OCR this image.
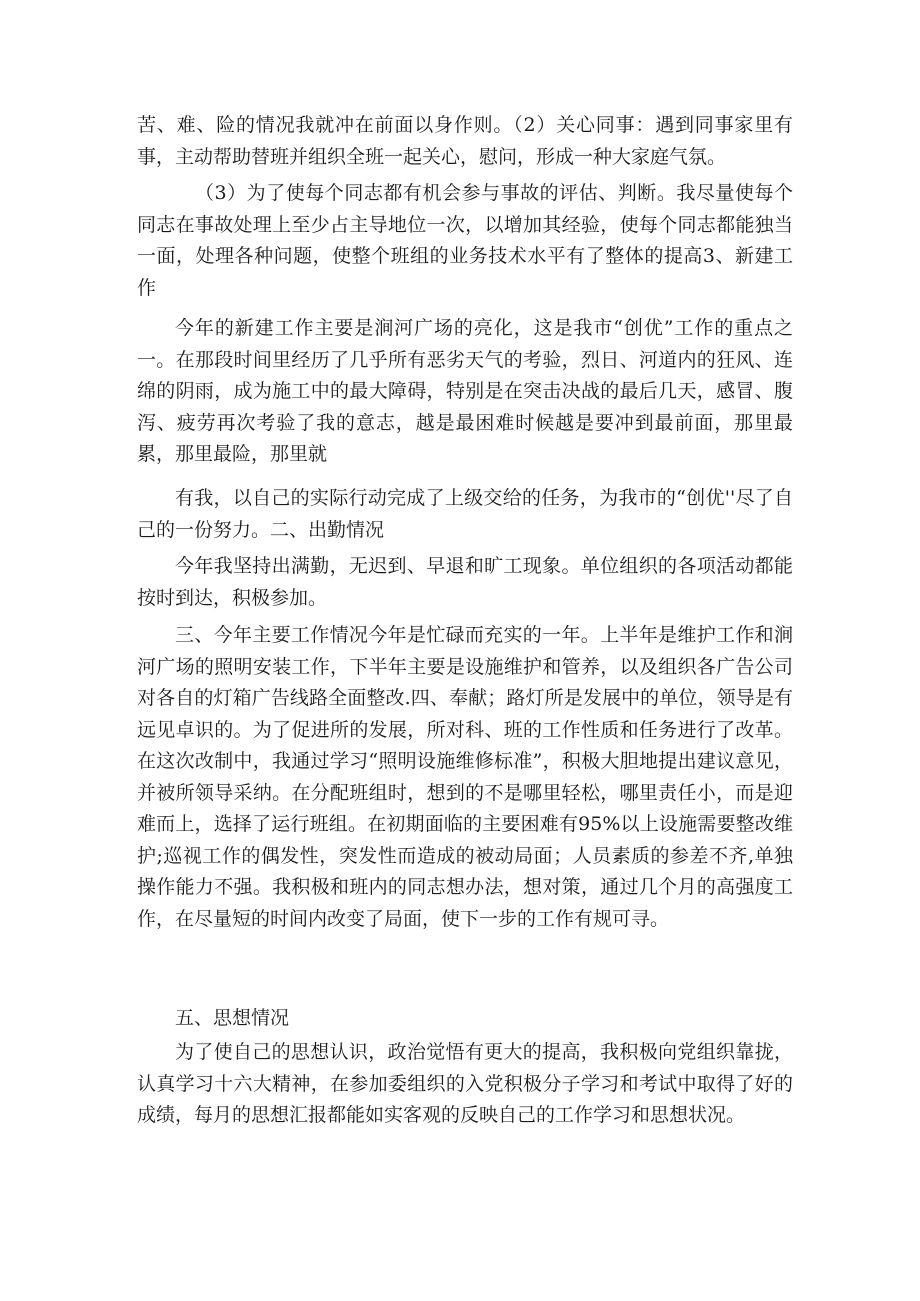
苦、难、险的情况我就冲在前面以身作则。（2）关心同事：遇到同事家里有事，主动帮助替班并组织全班一起关心，慰问，形成一种大家庭气氛。

（3）为了使每个同志都有机会参与事故的评估、判断。我尽量使每个同志在事故处理上至少占主导地位一次，以增加其经验，使每个同志都能独当一面，处理各种问题，使整个班组的业务技术水平有了整体的提高3、新建工作

今年的新建工作主要是涧河广场的亮化，这是我市“创优”工作的重点之一。在那段时间里经历了几乎所有恶劣天气的考验，烈日、河道内的狂风、连绵的阴雨，成为施工中的最大障碍，特别是在突击决战的最后几天，感冒、腹泻、疲劳再次考验了我的意志，越是最困难时候越是要冲到最前面，那里最累，那里最险，那里就

有我，以自己的实际行动完成了上级交给的任务，为我市的“创优''尽了自己的一份努力。二、出勤情况

今年我坚持出满勤，无迟到、早退和旷工现象。单位组织的各项活动都能按时到达，积极参加。

三、今年主要工作情况今年是忙碌而充实的一年。上半年是维护工作和涧河广场的照明安装工作，下半年主要是设施维护和管养，以及组织各广告公司对各自的灯箱广告线路全面整改.四、奉献；路灯所是发展中的单位，领导是有远见卓识的。为了促进所的发展，所对科、班的工作性质和任务进行了改革。在这次改制中，我通过学习“照明设施维修标准”，积极大胆地提出建议意见，并被所领导采纳。在分配班组时，想到的不是哪里轻松，哪里责任小，而是迎难而上，选择了运行班组。在初期面临的主要困难有95%以上设施需要整改维护;巡视工作的偶发性，突发性而造成的被动局面；人员素质的参差不齐,单独操作能力不强。我积极和班内的同志想办法，想对策，通过几个月的高强度工作，在尽量短的时间内改变了局面，使下一步的工作有规可寻。

五、思想情况

为了使自己的思想认识，政治觉悟有更大的提高，我积极向党组织靠拢，认真学习十六大精神，在参加委组织的入党积极分子学习和考试中取得了好的成绩，每月的思想汇报都能如实客观的反映自己的工作学习和思想状况。
